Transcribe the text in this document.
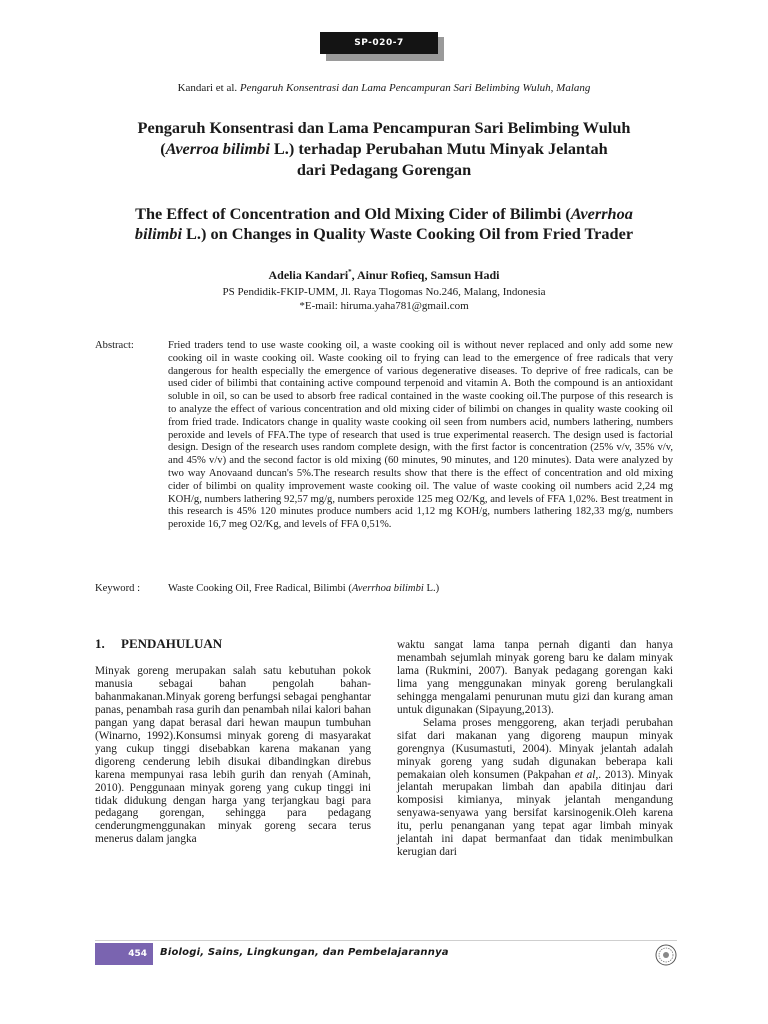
SP-020-7
Kandari et al. Pengaruh Konsentrasi dan Lama Pencampuran Sari Belimbing Wuluh, Malang
Pengaruh Konsentrasi dan Lama Pencampuran Sari Belimbing Wuluh
(Averroa bilimbi L.) terhadap Perubahan Mutu Minyak Jelantah
dari Pedagang Gorengan
The Effect of Concentration and Old Mixing Cider of Bilimbi (Averrhoa
bilimbi L.) on Changes in Quality Waste Cooking Oil from Fried Trader
Adelia Kandari*, Ainur Rofieq, Samsun Hadi
PS Pendidik-FKIP-UMM, Jl. Raya Tlogomas No.246, Malang, Indonesia
*E-mail: hiruma.yaha781@gmail.com
Abstract:	Fried traders tend to use waste cooking oil, a waste cooking oil is without never replaced and only add some new cooking oil in waste cooking oil. Waste cooking oil to frying can lead to the emergence of free radicals that very dangerous for health especially the emergence of various degenerative diseases. To deprive of free radicals, can be used cider of bilimbi that containing active compound terpenoid and vitamin A. Both the compound is an antioxidant soluble in oil, so can be used to absorb free radical contained in the waste cooking oil.The purpose of this research is to analyze the effect of various concentration and old mixing cider of bilimbi on changes in quality waste cooking oil from fried trade. Indicators change in quality waste cooking oil seen from numbers acid, numbers lathering, numbers peroxide and levels of FFA.The type of research that used is true experimental reaserch. The design used is factorial design. Design of the research uses random complete design, with the first factor is concentration (25% v/v, 35% v/v, and 45% v/v) and the second factor is old mixing (60 minutes, 90 minutes, and 120 minutes). Data were analyzed by two way Anovaand duncan's 5%.The research results show that there is the effect of concentration and old mixing cider of bilimbi on quality improvement waste cooking oil. The value of waste cooking oil numbers acid 2,24 mg KOH/g, numbers lathering 92,57 mg/g, numbers peroxide 125 meg O2/Kg, and levels of FFA 1,02%. Best treatment in this research is 45% 120 minutes produce numbers acid 1,12 mg KOH/g, numbers lathering 182,33 mg/g, numbers peroxide 16,7 meg O2/Kg, and levels of FFA 0,51%.
Keyword :	Waste Cooking Oil, Free Radical, Bilimbi (Averrhoa bilimbi L.)
1. PENDAHULUAN

Minyak goreng merupakan salah satu kebutuhan pokok manusia sebagai bahan pengolah bahan-bahanmakanan.Minyak goreng berfungsi sebagai penghantar panas, penambah rasa gurih dan penambah nilai kalori bahan pangan yang dapat berasal dari hewan maupun tumbuhan (Winarno, 1992).Konsumsi minyak goreng di masyarakat yang cukup tinggi disebabkan karena makanan yang digoreng cenderung lebih disukai dibandingkan direbus karena mempunyai rasa lebih gurih dan renyah (Aminah, 2010). Penggunaan minyak goreng yang cukup tinggi ini tidak didukung dengan harga yang terjangkau bagi para pedagang gorengan, sehingga para pedagang cenderungmenggunakan minyak goreng secara terus menerus dalam jangka

waktu sangat lama tanpa pernah diganti dan hanya menambah sejumlah minyak goreng baru ke dalam minyak lama (Rukmini, 2007). Banyak pedagang gorengan kaki lima yang menggunakan minyak goreng berulangkali sehingga mengalami penurunan mutu gizi dan kurang aman untuk digunakan (Sipayung,2013).

Selama proses menggoreng, akan terjadi perubahan sifat dari makanan yang digoreng maupun minyak gorengnya (Kusumastuti, 2004). Minyak jelantah adalah minyak goreng yang sudah digunakan beberapa kali pemakaian oleh konsumen (Pakpahan et al,. 2013). Minyak jelantah merupakan limbah dan apabila ditinjau dari komposisi kimianya, minyak jelantah mengandung senyawa-senyawa yang bersifat karsinogenik.Oleh karena itu, perlu penanganan yang tepat agar limbah minyak jelantah ini dapat bermanfaat dan tidak menimbulkan kerugian dari

454	Biologi, Sains, Lingkungan, dan Pembelajarannya
